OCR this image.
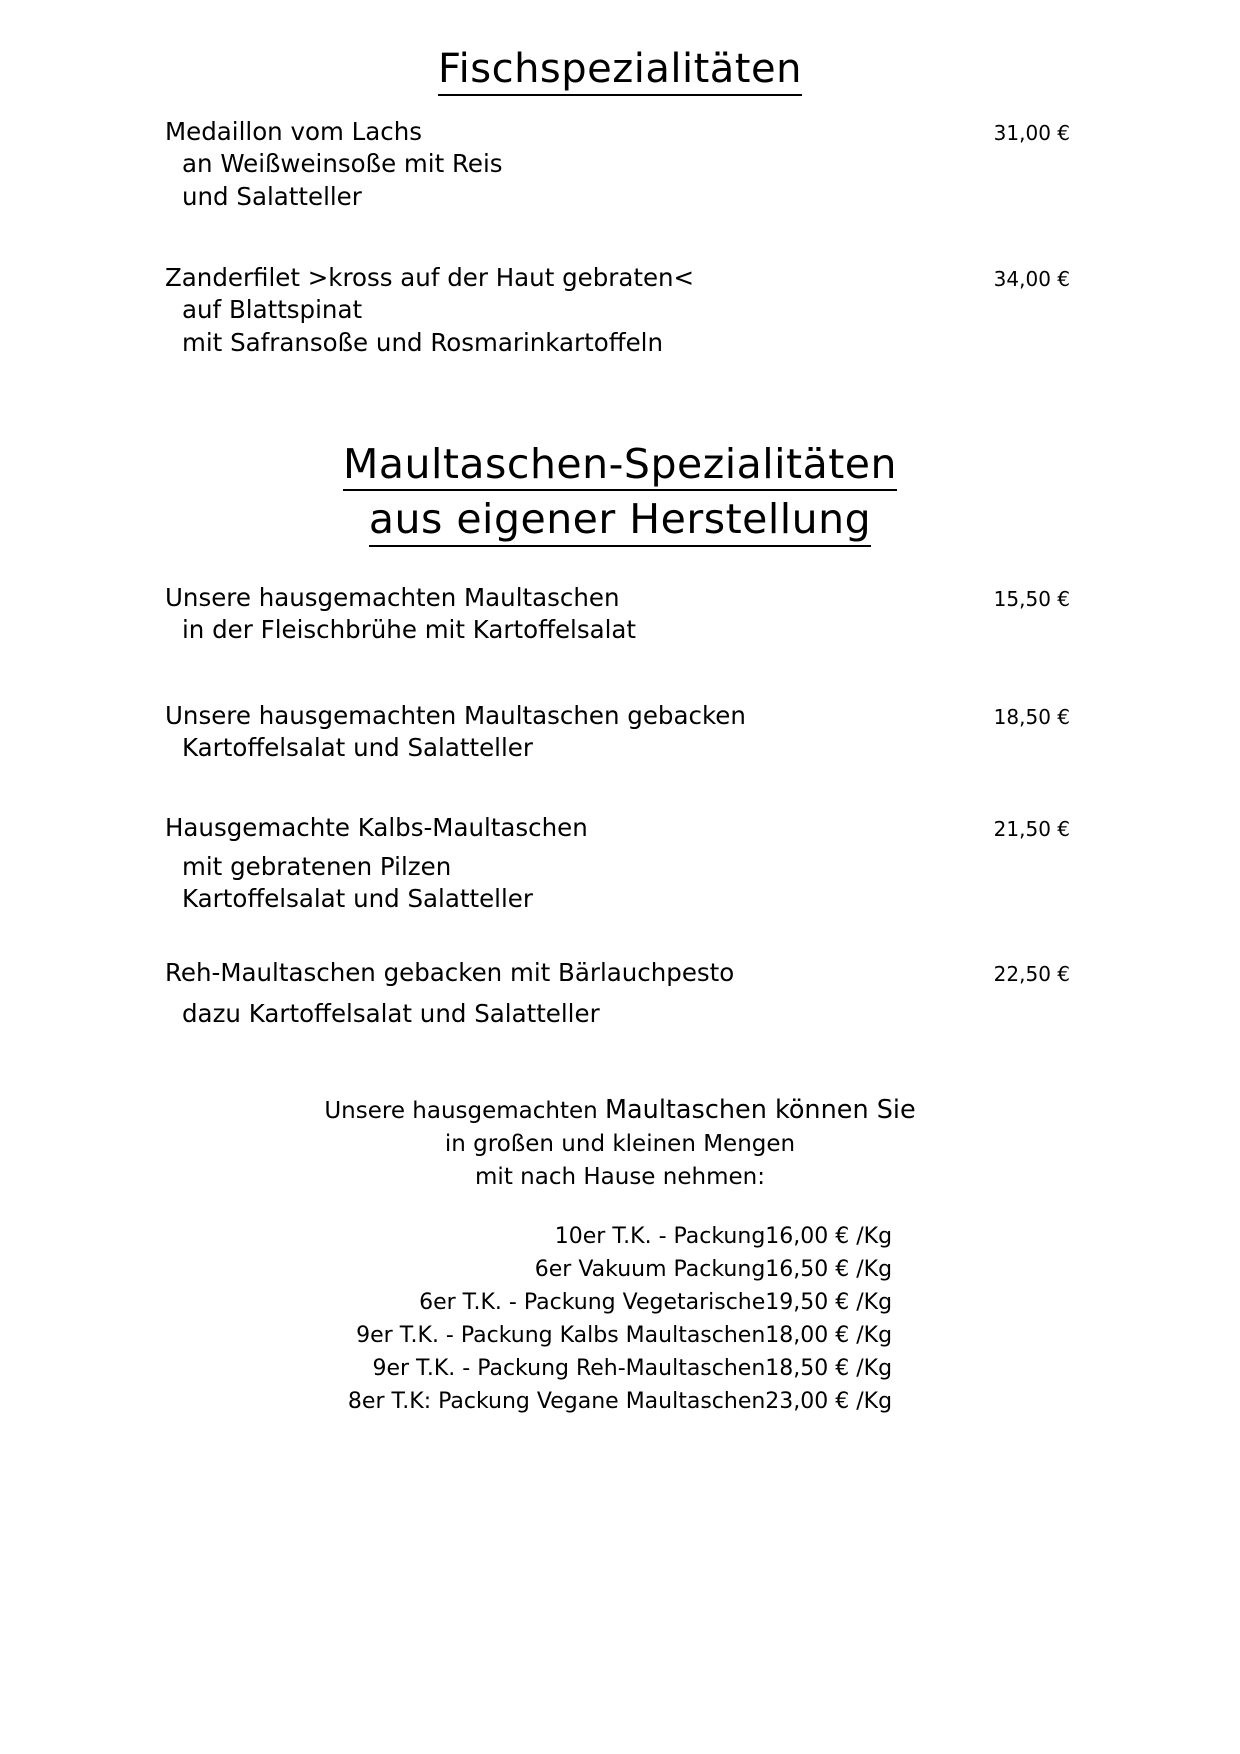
Fischspezialitäten
Medaillon vom Lachs	31,00 €
an Weißweinsoße mit Reis
und Salatteller
Zanderfilet >kross auf der Haut gebraten<	34,00 €
auf Blattspinat
mit Safransoße und Rosmarinkartoffeln
Maultaschen-Spezialitäten
aus eigener Herstellung
Unsere hausgemachten Maultaschen	15,50 €
in der Fleischbrühe mit Kartoffelsalat
Unsere hausgemachten Maultaschen gebacken	18,50 €
Kartoffelsalat und Salatteller
Hausgemachte Kalbs-Maultaschen	21,50 €
mit gebratenen Pilzen
Kartoffelsalat und Salatteller
Reh-Maultaschen gebacken mit Bärlauchpesto	22,50 €
dazu Kartoffelsalat und Salatteller
Unsere hausgemachten Maultaschen können Sie
in großen und kleinen Mengen
mit nach Hause nehmen:
10er T.K. - Packung	16,00 € /Kg
6er Vakuum Packung	16,50 € /Kg
6er T.K. - Packung Vegetarische	19,50 € /Kg
9er T.K. - Packung Kalbs Maultaschen	18,00 € /Kg
9er T.K. - Packung Reh-Maultaschen	18,50 € /Kg
8er T.K: Packung Vegane Maultaschen	23,00 € /Kg
